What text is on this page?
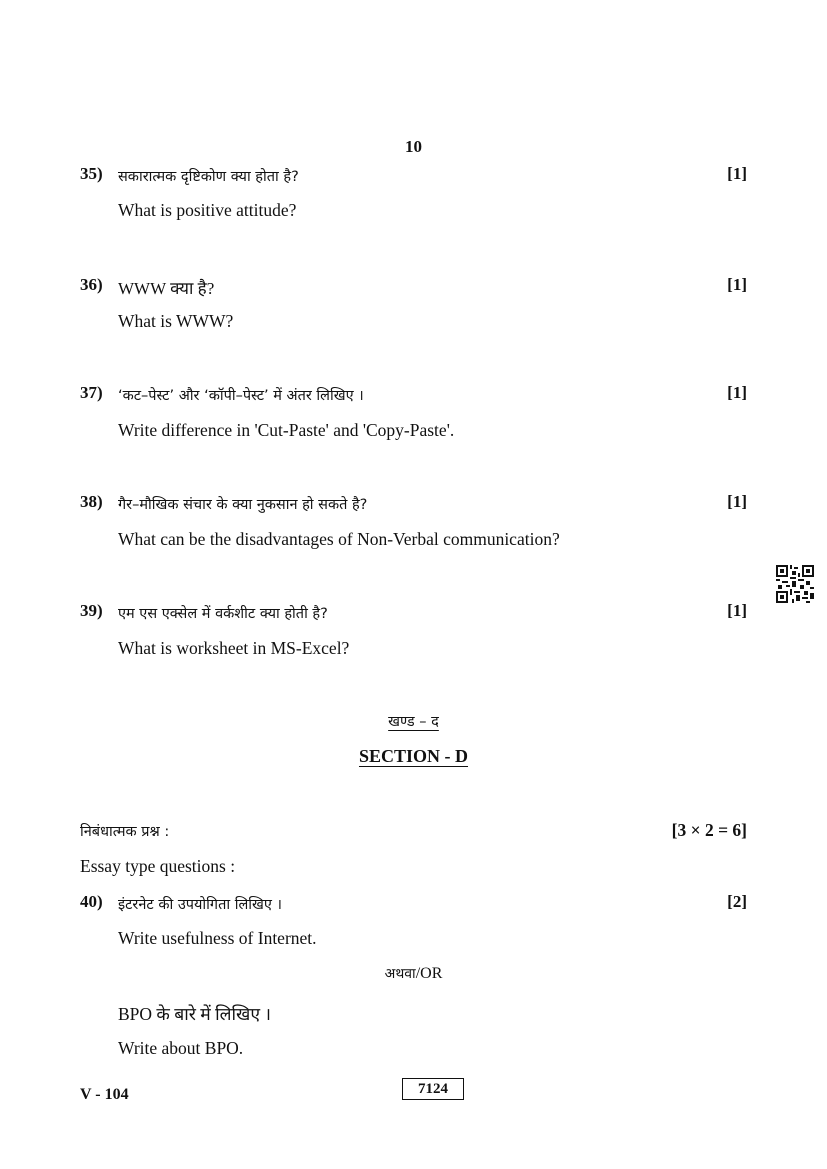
10
35) सकारात्मक दृष्टिकोण क्या होता है?	[1]
What is positive attitude?
36) WWW क्या है?	[1]
What is WWW?
37) ‘कट–पेस्ट’ और ‘कॉपी–पेस्ट’ में अंतर लिखिए ।	[1]
Write difference in 'Cut-Paste' and 'Copy-Paste'.
38) गैर–मौखिक संचार के क्या नुकसान हो सकते है?	[1]
What can be the disadvantages of Non-Verbal communication?
39) एम एस एक्सेल में वर्कशीट क्या होती है?	[1]
What is worksheet in MS-Excel?
खण्ड – द
SECTION - D
निबंधात्मक प्रश्न :	[3 × 2 = 6]
Essay type questions :
40) इंटरनेट की उपयोगिता लिखिए ।	[2]
Write usefulness of Internet.
अथवा/OR
BPO के बारे में लिखिए ।
Write about BPO.
V - 104	7124
